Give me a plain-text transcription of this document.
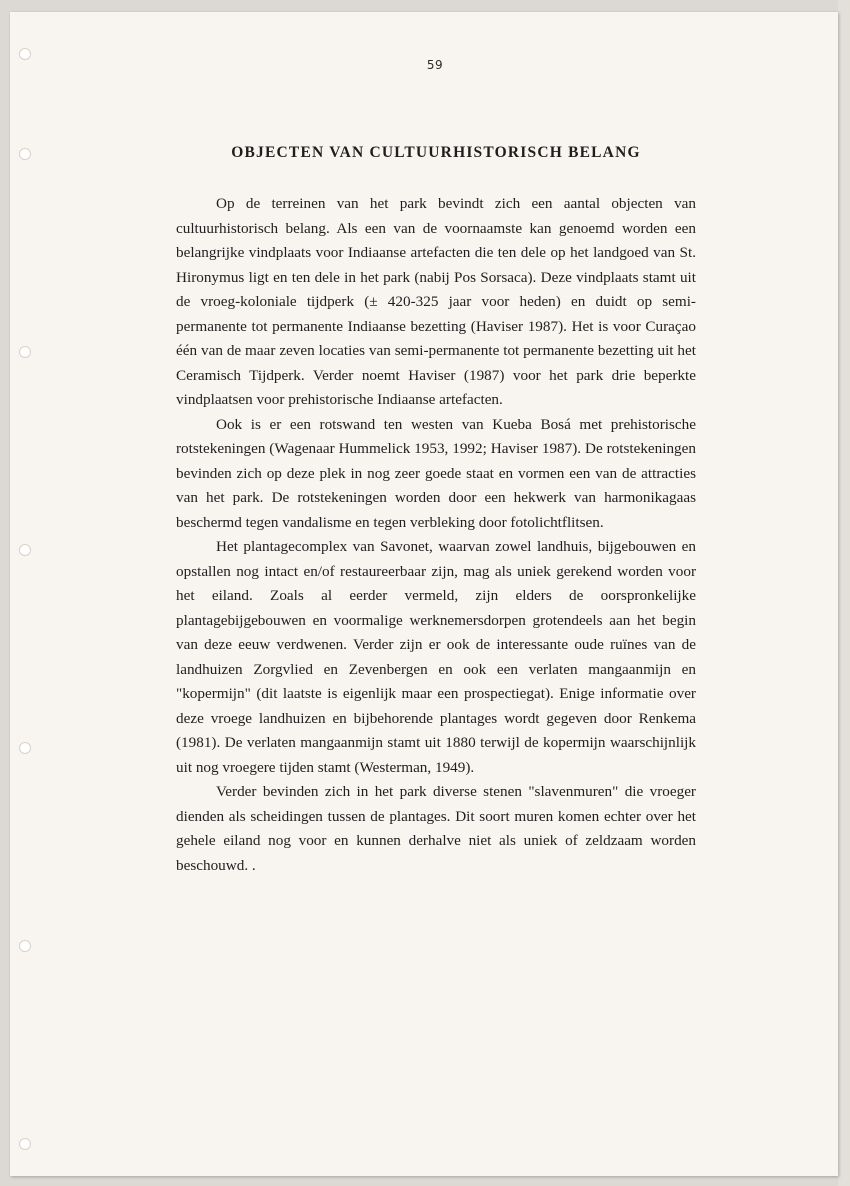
59
OBJECTEN VAN CULTUURHISTORISCH BELANG

Op de terreinen van het park bevindt zich een aantal objecten van cultuurhistorisch belang. Als een van de voornaamste kan genoemd worden een belangrijke vindplaats voor Indiaanse artefacten die ten dele op het landgoed van St. Hironymus ligt en ten dele in het park (nabij Pos Sorsaca). Deze vindplaats stamt uit de vroeg-koloniale tijdperk (± 420-325 jaar voor heden) en duidt op semi-permanente tot permanente Indiaanse bezetting (Haviser 1987). Het is voor Curaçao één van de maar zeven locaties van semi-permanente tot permanente bezetting uit het Ceramisch Tijdperk. Verder noemt Haviser (1987) voor het park drie beperkte vindplaatsen voor prehistorische Indiaanse artefacten.

Ook is er een rotswand ten westen van Kueba Bosá met prehistorische rotstekeningen (Wagenaar Hummelick 1953, 1992; Haviser 1987). De rotstekeningen bevinden zich op deze plek in nog zeer goede staat en vormen een van de attracties van het park. De rotstekeningen worden door een hekwerk van harmonikagaas beschermd tegen vandalisme en tegen verbleking door fotolichtflitsen.

Het plantagecomplex van Savonet, waarvan zowel landhuis, bijgebouwen en opstallen nog intact en/of restaureerbaar zijn, mag als uniek gerekend worden voor het eiland. Zoals al eerder vermeld, zijn elders de oorspronkelijke plantagebijgebouwen en voormalige werknemersdorpen grotendeels aan het begin van deze eeuw verdwenen. Verder zijn er ook de interessante oude ruïnes van de landhuizen Zorgvlied en Zevenbergen en ook een verlaten mangaanmijn en "kopermijn" (dit laatste is eigenlijk maar een prospectiegat). Enige informatie over deze vroege landhuizen en bijbehorende plantages wordt gegeven door Renkema (1981). De verlaten mangaanmijn stamt uit 1880 terwijl de kopermijn waarschijnlijk uit nog vroegere tijden stamt (Westerman, 1949).

Verder bevinden zich in het park diverse stenen "slavenmuren" die vroeger dienden als scheidingen tussen de plantages. Dit soort muren komen echter over het gehele eiland nog voor en kunnen derhalve niet als uniek of zeldzaam worden beschouwd. .
